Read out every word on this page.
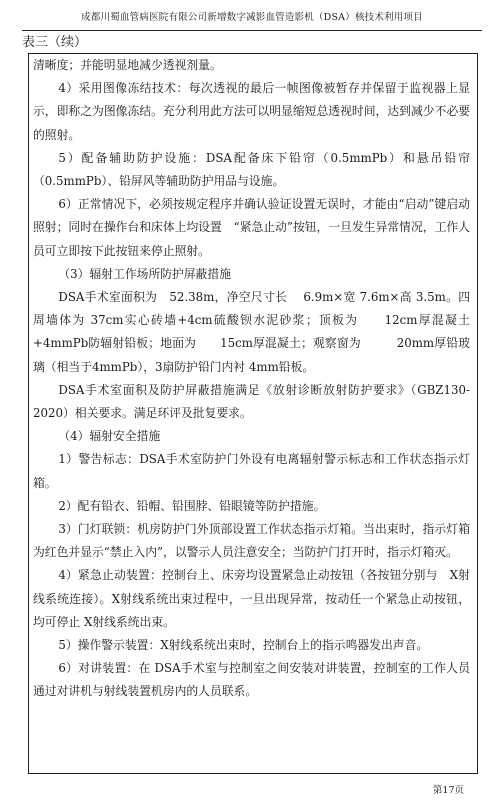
成都川蜀血管病医院有限公司新增数字减影血管造影机（DSA）核技术利用项目
表三（续）

清晰度；并能明显地减少透视剂量。

4）采用图像冻结技术：每次透视的最后一帧图像被暂存并保留于监视器上显示，即称之为图像冻结。充分利用此方法可以明显缩短总透视时间，达到减少不必要的照射。

5）配备辅助防护设施：DSA配备床下铅帘（0.5mmPb）和悬吊铅帘（0.5mmPb）、铅屏风等辅助防护用品与设施。

6）正常情况下，必须按规定程序并确认验证设置无误时，才能由“启动”键启动照射；同时在操作台和床体上均设置　“紧急止动”按钮，一旦发生异常情况，工作人员可立即按下此按钮来停止照射。

（3）辐射工作场所防护屏蔽措施

DSA手术室面积为　52.38m，净空尺寸长　 6.9m×宽 7.6m×高 3.5m。四周墙体为 37cm实心砖墙+4cm硫酸钡水泥砂浆；顶板为　　12cm厚混凝土+4mmPb防辐射铅板；地面为　　15cm厚混凝土；观察窗为　　　20mm厚铅玻璃（相当于4mmPb），3扇防护铅门内衬 4mm铅板。

DSA手术室面积及防护屏蔽措施满足《放射诊断放射防护要求》（GBZ130-2020）相关要求。满足环评及批复要求。

（4）辐射安全措施

1）警告标志：DSA手术室防护门外设有电离辐射警示标志和工作状态指示灯箱。

2）配有铅衣、铅帽、铅围脖、铅眼镜等防护措施。

3）门灯联锁：机房防护门外顶部设置工作状态指示灯箱。当出束时，指示灯箱为红色并显示“禁止入内”，以警示人员注意安全；当防护门打开时，指示灯箱灭。

4）紧急止动装置：控制台上、床旁均设置紧急止动按钮（各按钮分别与　X射线系统连接）。X射线系统出束过程中，一旦出现异常，按动任一个紧急止动按钮，均可停止 X射线系统出束。

5）操作警示装置：X射线系统出束时，控制台上的指示鸣器发出声音。

6）对讲装置：在 DSA手术室与控制室之间安装对讲装置，控制室的工作人员通过对讲机与射线装置机房内的人员联系。

第17页
